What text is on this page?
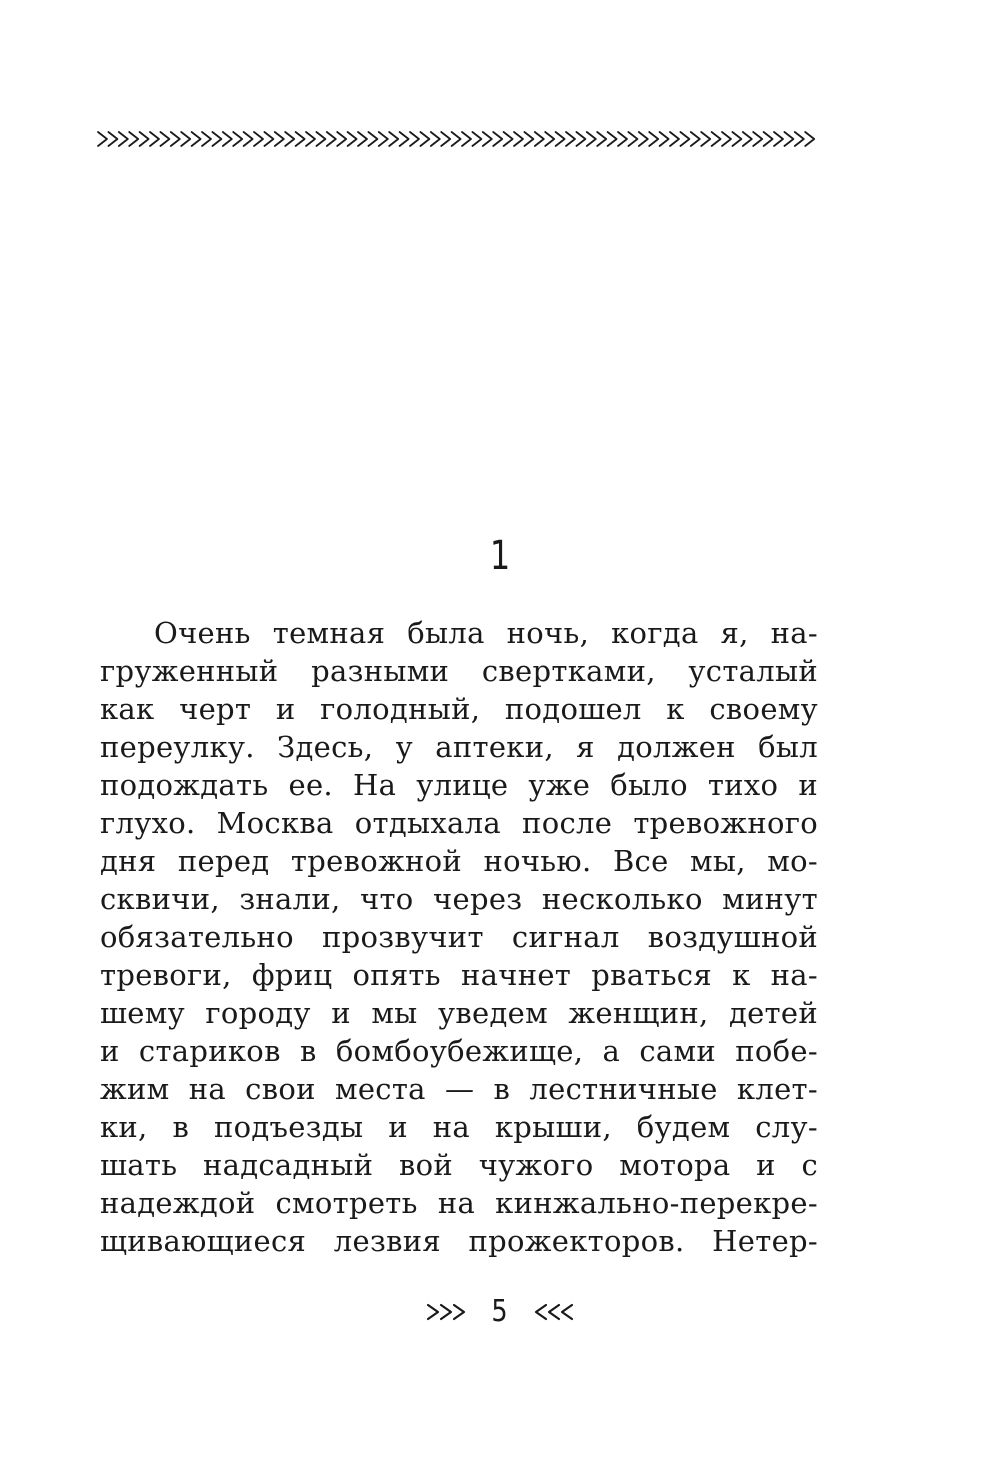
1
Очень темная была ночь, когда я, на-
груженный разными свертками, усталый
как черт и голодный, подошел к своему
переулку. Здесь, у аптеки, я должен был
подождать ее. На улице уже было тихо и
глухо. Москва отдыхала после тревожного
дня перед тревожной ночью. Все мы, мо-
сквичи, знали, что через несколько минут
обязательно прозвучит сигнал воздушной
тревоги, фриц опять начнет рваться к на-
шему городу и мы уведем женщин, детей
и стариков в бомбоубежище, а сами побе-
жим на свои места — в лестничные клет-
ки, в подъезды и на крыши, будем слу-
шать надсадный вой чужого мотора и с
надеждой смотреть на кинжально-перекре-
щивающиеся лезвия прожекторов. Нетер-
5
